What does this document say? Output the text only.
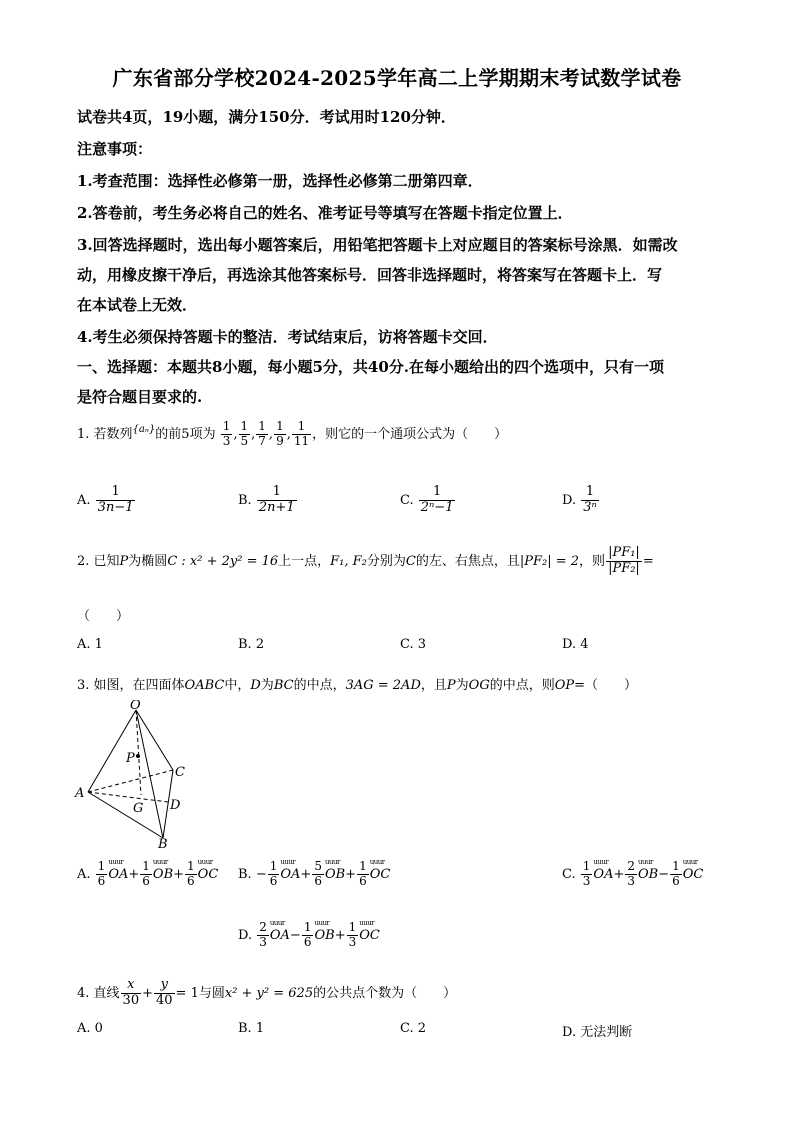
广东省部分学校2024-2025学年高二上学期期末考试数学试卷
试卷共4页，19小题，满分150分．考试用时120分钟．
注意事项：
1.考查范围：选择性必修第一册，选择性必修第二册第四章．
2.答卷前，考生务必将自己的姓名、准考证号等填写在答题卡指定位置上．
3.回答选择题时，选出每小题答案后，用铅笔把答题卡上对应题目的答案标号涂黑．如需改
动，用橡皮擦干净后，再选涂其他答案标号．回答非选择题时，将答案写在答题卡上．写
在本试卷上无效．
4.考生必须保持答题卡的整洁．考试结束后，访将答题卡交回．
一、选择题：本题共8小题，每小题5分，共40分.在每小题给出的四个选项中，只有一项
是符合题目要求的.
1. 若数列$^{\{a_n\}}$的前5项为 $\frac{1}{3}$ , $\frac{1}{5}$ , $\frac{1}{7}$ , $\frac{1}{9}$ , $\frac{1}{11}$ ，则它的一个通项公式为（　　）
A. $\frac{1}{3n-1}$	B. $\frac{1}{2n+1}$	C. $\frac{1}{\text{2ⁿ−1}}$	D. $\frac{1}{\text{3ⁿ}}$
2. 已知P为椭圆C : x² + 2y² = 16上一点，F₁, F₂分别为C的左、右焦点，且|PF₂| = 2，则 $\frac{\text{|PF₁|}}{\text{|PF₂|}}$ =
（　　）
A. 1	B. 2	C. 3	D. 4
3. 如图，在四面体OABC中，D为BC的中点，3AG = 2AD，且P为OG的中点，则OP=（　　）
O
P
C
A
G D
B
A. $\frac{1}{6}$ uuur $OA+ \frac{1}{6}$ uuur $OB+ \frac{1}{6}$ uuur OC B. − $\frac{1}{6}$ uuur $OA+ \frac{5}{6}$ uuur $OB+ \frac{1}{6}$ uuur OC	C. $\frac{1}{3}$ uuur $OA+ \frac{2}{3}$ uuur $OB- \frac{1}{6}$ uuur OC
D. $\frac{2}{3}$ uuur $OA- \frac{1}{6}$ uuur $OB+ \frac{1}{3}$ uuur OC
4. 直线 $\frac{x}{30} + \frac{y}{40} = 1$与圆x² + y² = 625的公共点个数为（　　）
A. 0	B. 1	C. 2	D. 无法判断
